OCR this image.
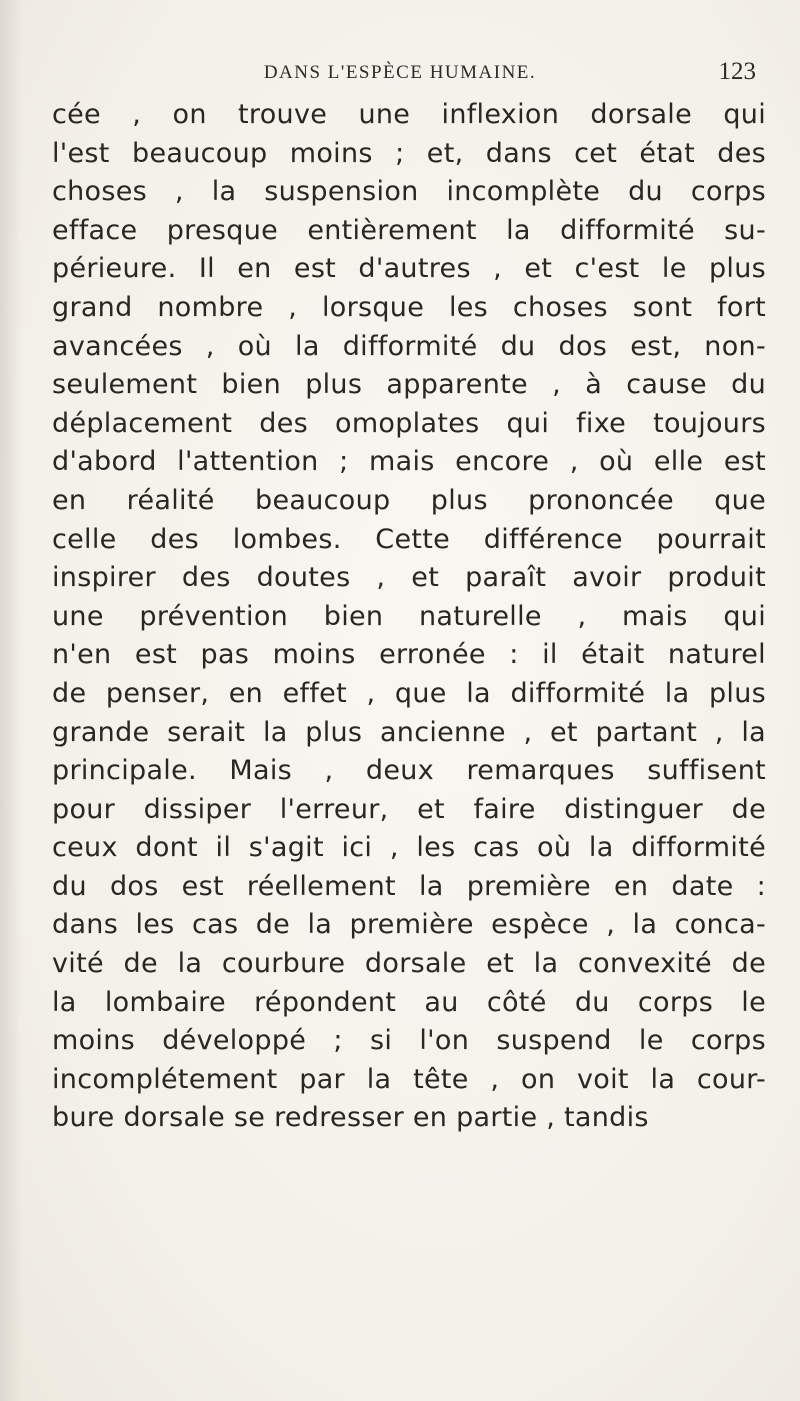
DANS L'ESPÈCE HUMAINE.	123
cée , on trouve une inflexion dorsale qui
l'est beaucoup moins ; et, dans cet état des
choses , la suspension incomplète du corps
efface presque entièrement la difformité su-
périeure. Il en est d'autres , et c'est le plus
grand nombre , lorsque les choses sont fort
avancées , où la difformité du dos est, non-
seulement bien plus apparente , à cause du
déplacement des omoplates qui fixe toujours
d'abord l'attention ; mais encore , où elle est
en réalité beaucoup plus prononcée que
celle des lombes. Cette différence pourrait
inspirer des doutes , et paraît avoir produit
une prévention bien naturelle , mais qui
n'en est pas moins erronée : il était naturel
de penser, en effet , que la difformité la plus
grande serait la plus ancienne , et partant , la
principale. Mais , deux remarques suffisent
pour dissiper l'erreur, et faire distinguer de
ceux dont il s'agit ici , les cas où la difformité
du dos est réellement la première en date :
dans les cas de la première espèce , la conca-
vité de la courbure dorsale et la convexité de
la lombaire répondent au côté du corps le
moins développé ; si l'on suspend le corps
incomplétement par la tête , on voit la cour-
bure dorsale se redresser en partie , tandis
